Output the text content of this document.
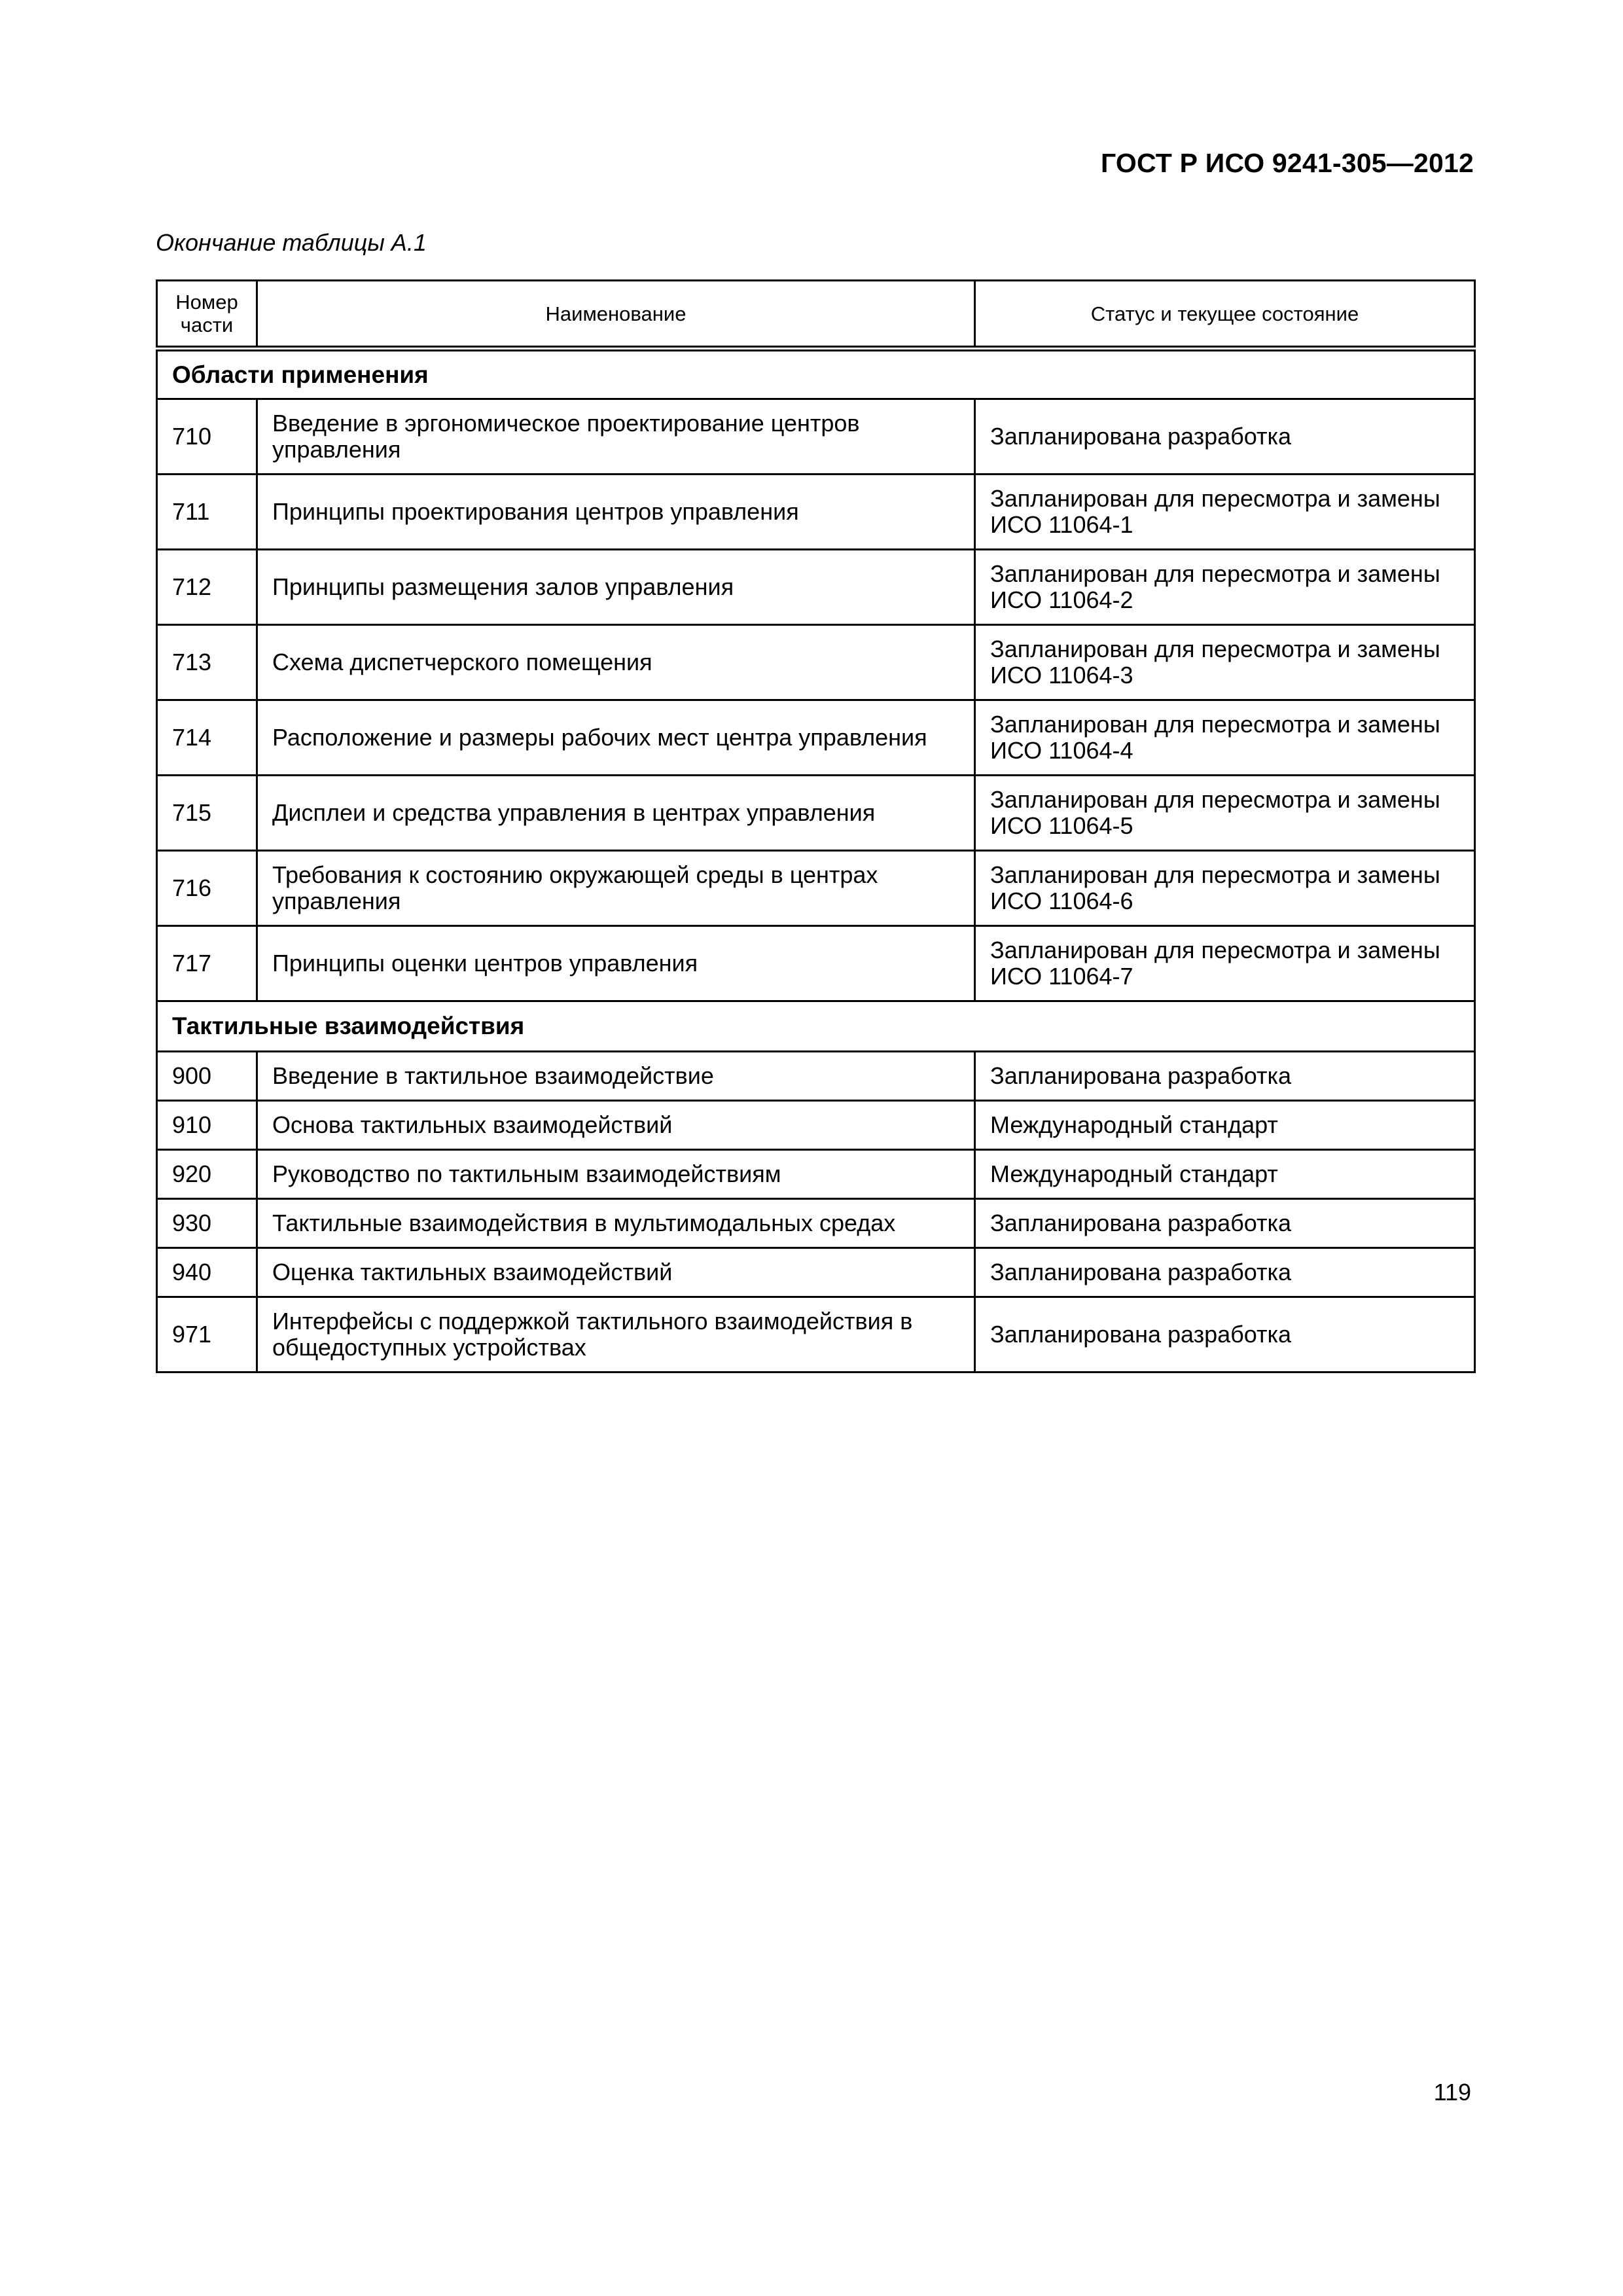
ГОСТ Р ИСО 9241-305—2012
Окончание таблицы А.1
Номер части	Наименование	Статус и текущее состояние
Области применения		
710	Введение в эргономическое проектирование центров управления	Запланирована разработка
711	Принципы проектирования центров управления	Запланирован для пересмотра и замены ИСО 11064-1
712	Принципы размещения залов управления	Запланирован для пересмотра и замены ИСО 11064-2
713	Схема диспетчерского помещения	Запланирован для пересмотра и замены ИСО 11064-3
714	Расположение и размеры рабочих мест центра управления	Запланирован для пересмотра и замены ИСО 11064-4
715	Дисплеи и средства управления в центрах управления	Запланирован для пересмотра и замены ИСО 11064-5
716	Требования к состоянию окружающей среды в центрах управления	Запланирован для пересмотра и замены ИСО 11064-6
717	Принципы оценки центров управления	Запланирован для пересмотра и замены ИСО 11064-7
Тактильные взаимодействия		
900	Введение в тактильное взаимодействие	Запланирована разработка
910	Основа тактильных взаимодействий	Международный стандарт
920	Руководство по тактильным взаимодействиям	Международный стандарт
930	Тактильные взаимодействия в мультимодальных средах	Запланирована разработка
940	Оценка тактильных взаимодействий	Запланирована разработка
971	Интерфейсы с поддержкой тактильного взаимодействия в общедоступных устройствах	Запланирована разработка
119
